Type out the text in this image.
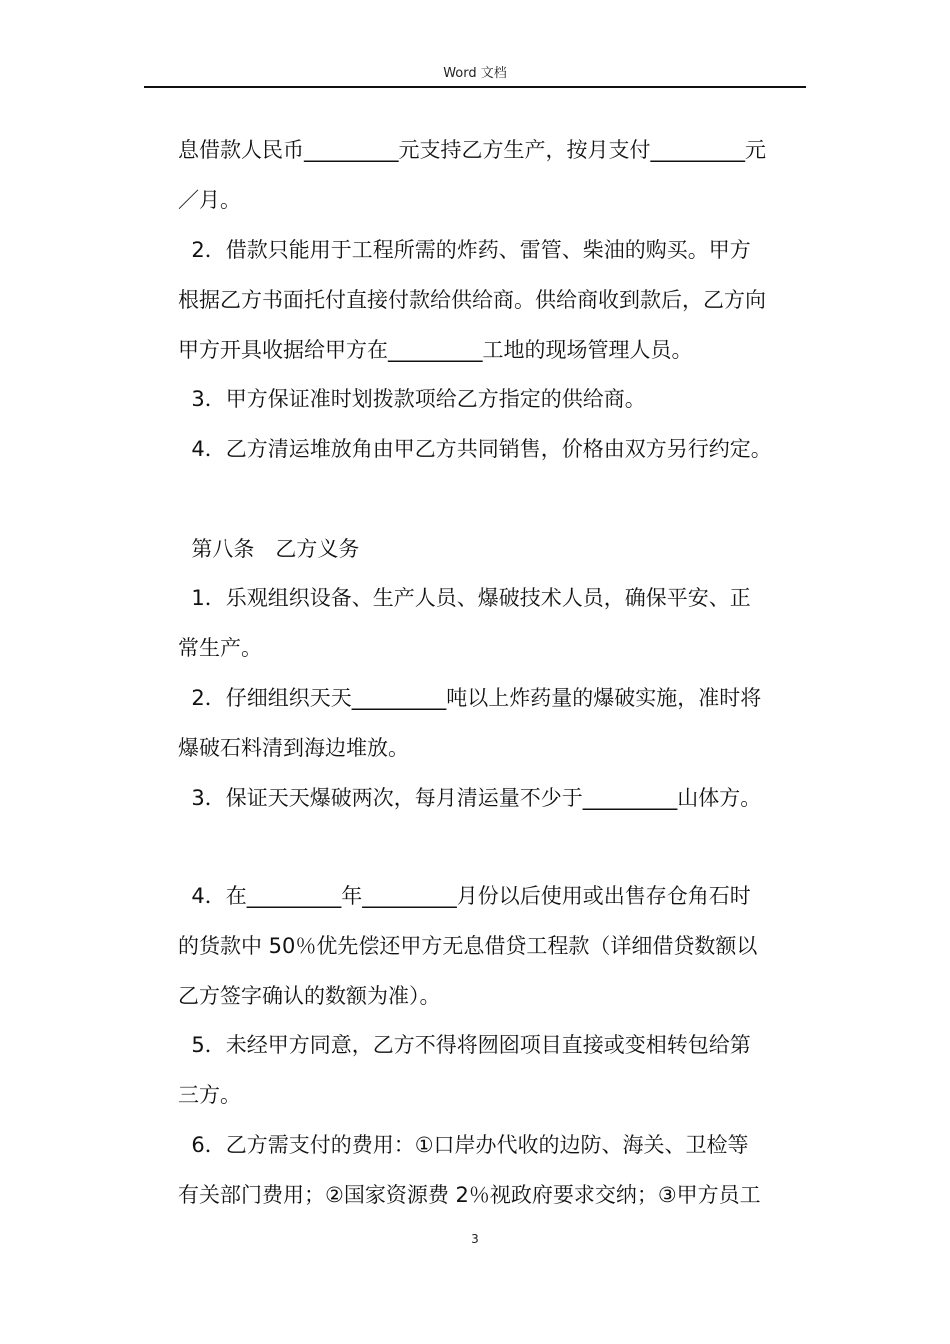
Word 文档
息借款人民币_________元支持乙方生产，按月支付_________元
／月。
2．借款只能用于工程所需的炸药、雷管、柴油的购买。甲方
根据乙方书面托付直接付款给供给商。供给商收到款后，乙方向
甲方开具收据给甲方在_________工地的现场管理人员。
3．甲方保证准时划拨款项给乙方指定的供给商。
4．乙方清运堆放角由甲乙方共同销售，价格由双方另行约定。
第八条　乙方义务
1．乐观组织设备、生产人员、爆破技术人员，确保平安、正
常生产。
2．仔细组织天天_________吨以上炸药量的爆破实施，准时将
爆破石料清到海边堆放。
3．保证天天爆破两次，每月清运量不少于_________山体方。
4．在_________年_________月份以后使用或出售存仓角石时
的货款中 50％优先偿还甲方无息借贷工程款（详细借贷数额以
乙方签字确认的数额为准）。
5．未经甲方同意，乙方不得将囫囵项目直接或变相转包给第
三方。
6．乙方需支付的费用：①口岸办代收的边防、海关、卫检等
有关部门费用；②国家资源费 2％视政府要求交纳；③甲方员工
3
